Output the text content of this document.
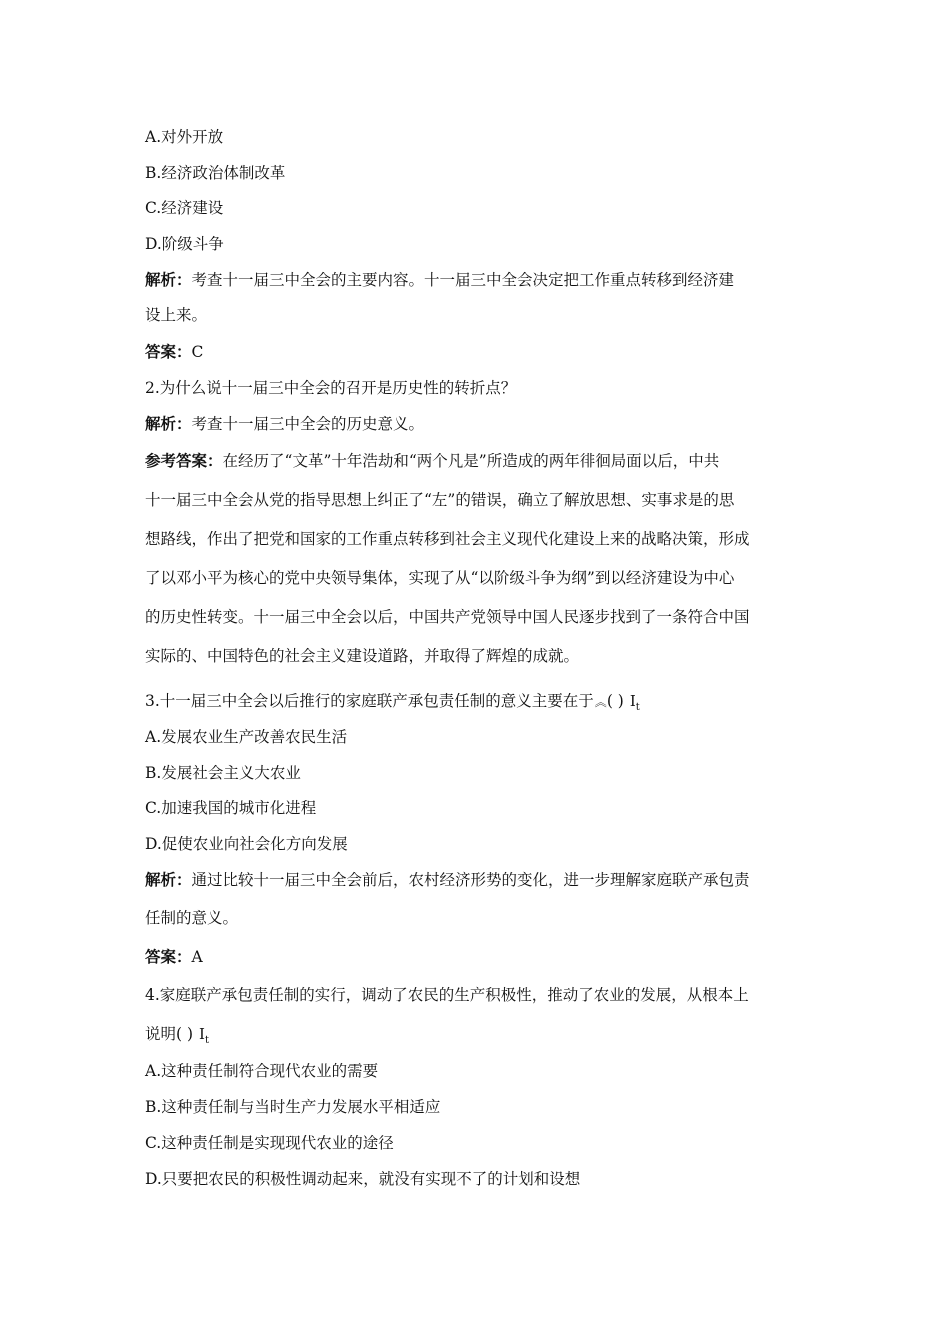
A.对外开放
B.经济政治体制改革
C.经济建设
D.阶级斗争
解析：考查十一届三中全会的主要内容。十一届三中全会决定把工作重点转移到经济建
设上来。
答案：C
2.为什么说十一届三中全会的召开是历史性的转折点？
解析：考查十一届三中全会的历史意义。
参考答案：在经历了“文革”十年浩劫和“两个凡是”所造成的两年徘徊局面以后，中共
十一届三中全会从党的指导思想上纠正了“左”的错误，确立了解放思想、实事求是的思
想路线，作出了把党和国家的工作重点转移到社会主义现代化建设上来的战略决策，形成
了以邓小平为核心的党中央领导集体，实现了从“以阶级斗争为纲”到以经济建设为中心
的历史性转变。十一届三中全会以后，中国共产党领导中国人民逐步找到了一条符合中国
实际的、中国特色的社会主义建设道路，并取得了辉煌的成就。
3.十一届三中全会以后推行的家庭联产承包责任制的意义主要在于︽( ) $I_t$
A.发展农业生产改善农民生活
B.发展社会主义大农业
C.加速我国的城市化进程
D.促使农业向社会化方向发展
解析：通过比较十一届三中全会前后，农村经济形势的变化，进一步理解家庭联产承包责
任制的意义。
答案：A
4.家庭联产承包责任制的实行，调动了农民的生产积极性，推动了农业的发展，从根本上
说明( ) $I_t$
A.这种责任制符合现代农业的需要
B.这种责任制与当时生产力发展水平相适应
C.这种责任制是实现现代农业的途径
D.只要把农民的积极性调动起来，就没有实现不了的计划和设想
